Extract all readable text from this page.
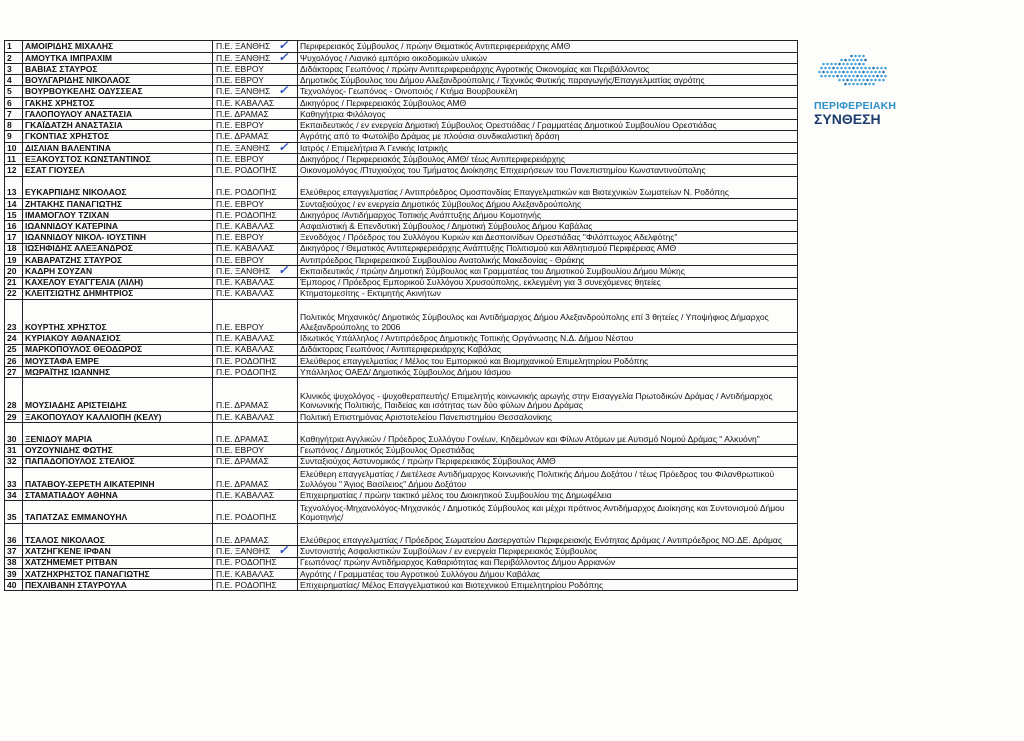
1	ΑΜΟΙΡΙΔΗΣ ΜΙΧΑΛΗΣ	Π.Ε. ΞΑΝΘΗΣ ✓	Περιφερειακός Σύμβουλος / πρώην Θεματικός Αντιπεριφερειάρχης ΑΜΘ
2	ΑΜΟΥΤΚΑ ΙΜΠΡΑΧΙΜ	Π.Ε. ΞΑΝΘΗΣ ✓	Ψυχολόγος / Λιανικό εμπόριο οικοδομικών υλικών
3	ΒΑΒΙΑΣ ΣΤΑΥΡΟΣ	Π.Ε. ΕΒΡΟΥ	Διδάκτορας Γεωπόνος / πρώην Αντιπεριφερειάρχης Αγροτικής Οικονομίας και Περιβάλλοντος
4	ΒΟΥΛΓΑΡΙΔΗΣ ΝΙΚΟΛΑΟΣ	Π.Ε. ΕΒΡΟΥ	Δημοτικός Σύμβουλος του Δήμου Αλεξανδρούπολης / Τεχνικός Φυτικής παραγωγής/Επαγγελματίας αγρότης
5	ΒΟΥΡΒΟΥΚΕΛΗΣ ΟΔΥΣΣΕΑΣ	Π.Ε. ΞΑΝΘΗΣ ✓	Τεχνολόγος- Γεωπόνος - Οινοποιός / Κτήμα Βουρβουκέλη
6	ΓΑΚΗΣ ΧΡΗΣΤΟΣ	Π.Ε. ΚΑΒΑΛΑΣ	Δικηγόρος / Περιφερειακός Σύμβουλος ΑΜΘ
7	ΓΑΛΟΠΟΥΛΟΥ ΑΝΑΣΤΑΣΙΑ	Π.Ε. ΔΡΑΜΑΣ	Καθηγήτρια Φιλόλογος
8	ΓΚΑΪΔΑΤΖΗ ΑΝΑΣΤΑΣΙΑ	Π.Ε. ΕΒΡΟΥ	Εκπαιδευτικός / εν ενεργεία Δημοτική Σύμβουλος Ορεστιάδας / Γραμματέας Δημοτικού Συμβουλίου Ορεστιάδας
9	ΓΚΟΝΤΙΑΣ ΧΡΗΣΤΟΣ	Π.Ε. ΔΡΑΜΑΣ	Αγρότης από το Φωτολίβο Δράμας με πλούσια συνδικαλιστική δράση
10	ΔΙΣΛΙΑΝ ΒΑΛΕΝΤΙΝΑ	Π.Ε. ΞΑΝΘΗΣ ✓	Ιατρός / Επιμελήτρια Ά Γενικής Ιατρικής
11	ΕΞΑΚΟΥΣΤΟΣ ΚΩΝΣΤΑΝΤΙΝΟΣ	Π.Ε. ΕΒΡΟΥ	Δικηγόρος / Περιφερειακός Σύμβουλος ΑΜΘ/ τέως Αντιπεριφερειάρχης
12	ΕΣΑΤ ΓΙΟΥΣΕΛ	Π.Ε. ΡΟΔΟΠΗΣ	Οικονομολόγος /Πτυχιούχος του Τμήματος Διοίκησης Επιχειρήσεων του Πανεπιστημίου Κωνσταντινούπολης
13	ΕΥΚΑΡΠΙΔΗΣ ΝΙΚΟΛΑΟΣ	Π.Ε. ΡΟΔΟΠΗΣ	Ελεύθερος επαγγελματίας / Αντιπρόεδρος Ομοσπονδίας Επαγγελματικών και Βιοτεχνικών Σωματείων Ν. Ροδόπης
14	ΖΗΤΑΚΗΣ ΠΑΝΑΓΙΩΤΗΣ	Π.Ε. ΕΒΡΟΥ	Συνταξιούχος / εν ενεργεία Δημοτικός Σύμβουλος Δήμου Αλεξανδρούπολης
15	ΙΜΑΜΟΓΛΟΥ ΤΖΙΧΑΝ	Π.Ε. ΡΟΔΟΠΗΣ	Δικηγόρος /Αντιδήμαρχος Τοπικής Ανάπτυξης Δήμου Κομοτηνής
16	ΙΩΑΝΝΙΔΟΥ ΚΑΤΕΡΙΝΑ	Π.Ε. ΚΑΒΑΛΑΣ	Ασφαλιστική & Επενδυτική Σύμβουλος / Δημοτική Σύμβουλος Δήμου Καβάλας
17	ΙΩΑΝΝΙΔΟΥ ΝΙΚΟΛ- ΙΟΥΣΤΙΝΗ	Π.Ε. ΕΒΡΟΥ	Ξενοδόχος / Πρόεδρος του Συλλόγου Κυριών και Δεσποινίδων Ορεστιάδας "Φιλόπτωχος Αδελφότης"
18	ΙΩΣΗΦΙΔΗΣ ΑΛΕΞΑΝΔΡΟΣ	Π.Ε. ΚΑΒΑΛΑΣ	Δικηγόρος / Θεματικός Αντιπεριφερειάρχης Ανάπτυξης Πολιτισμού και Αθλητισμού Περιφέρειας ΑΜΘ
19	ΚΑΒΑΡΑΤΖΗΣ ΣΤΑΥΡΟΣ	Π.Ε. ΕΒΡΟΥ	Αντιπρόεδρος Περιφερειακού Συμβουλίου Ανατολικής Μακεδονίας - Θράκης
20	ΚΑΔΡΗ ΣΟΥΖΑΝ	Π.Ε. ΞΑΝΘΗΣ ✓	Εκπαιδευτικός / πρώην Δημοτική Σύμβουλος και Γραμματέας του Δημοτικού Συμβουλίου Δήμου Μύκης
21	ΚΑΧΕΛΟΥ ΕΥΑΓΓΕΛΙΑ (ΛΙΛΗ)	Π.Ε. ΚΑΒΑΛΑΣ	Έμπορος / Πρόεδρος Εμπορικού Συλλόγου Χρυσούπολης, εκλεγμένη για 3 συνεχόμενες θητείες
22	ΚΛΕΙΤΣΙΩΤΗΣ ΔΗΜΗΤΡΙΟΣ	Π.Ε. ΚΑΒΑΛΑΣ	Κτηματομεσίτης - Εκτιμητής Ακινήτων
23	ΚΟΥΡΤΗΣ ΧΡΗΣΤΟΣ	Π.Ε. ΕΒΡΟΥ	Πολιτικός Μηχανικός/ Δημοτικός Σύμβουλος και Αντιδήμαρχος Δήμου Αλεξανδρούπολης επί 3 θητείες / Υποψήφιος Δήμαρχος Αλεξανδρούπολης το 2006
24	ΚΥΡΙΑΚΟΥ ΑΘΑΝΑΣΙΟΣ	Π.Ε. ΚΑΒΑΛΑΣ	Ιδιωτικός Υπάλληλος / Αντιπρόεδρος Δημοτικής Τοπικής Οργάνωσης Ν.Δ. Δήμου Νέστου
25	ΜΑΡΚΟΠΟΥΛΟΣ ΘΕΟΔΩΡΟΣ	Π.Ε. ΚΑΒΑΛΑΣ	Διδάκτορας Γεωπόνος / Αντιπεριφερειάρχης Καβάλας
26	ΜΟΥΣΤΑΦΑ ΕΜΡΕ	Π.Ε. ΡΟΔΟΠΗΣ	Ελεύθερος επαγγελματίας / Μέλος του Εμπορικού και Βιομηχανικού Επιμελητηρίου Ροδόπης
27	ΜΩΡΑΪΤΗΣ ΙΩΑΝΝΗΣ	Π.Ε. ΡΟΔΟΠΗΣ	Υπάλληλος ΟΑΕΔ/ Δημοτικός Σύμβουλος Δήμου Ιάσμου
28	ΜΟΥΣΙΑΔΗΣ ΑΡΙΣΤΕΙΔΗΣ	Π.Ε. ΔΡΑΜΑΣ	Κλινικός ψυχολόγος - ψυχοθεραπευτής/ Επιμελητής κοινωνικής αρωγής στην Εισαγγελία Πρωτοδικών Δράμας / Αντιδήμαρχος Κοινωνικής Πολιτικής, Παιδείας και ισότητας των δύο φύλων Δήμου Δράμας
29	ΞΑΚΟΠΟΥΛΟΥ ΚΑΛΛΙΟΠΗ (ΚΕΛΥ)	Π.Ε. ΚΑΒΑΛΑΣ	Πολιτική Επιστημόνας Αριστοτελείου Πανεπιστημίου Θεσσαλονίκης
30	ΞΕΝΙΔΟΥ ΜΑΡΙΑ	Π.Ε. ΔΡΑΜΑΣ	Καθηγήτρια Αγγλικών / Πρόεδρος Συλλόγου Γονέων, Κηδεμόνων και Φίλων Ατόμων με Αυτισμό Νομού Δράμας " Αλκυόνη"
31	ΟΥΖΟΥΝΙΔΗΣ ΦΩΤΗΣ	Π.Ε. ΕΒΡΟΥ	Γεωπόνος / Δημοτικός Σύμβουλος Ορεστιάδας
32	ΠΑΠΑΔΟΠΟΥΛΟΣ ΣΤΕΛΙΟΣ	Π.Ε. ΔΡΑΜΑΣ	Συνταξιούχος Αστυνομικός / πρώην Περιφερειακός Σύμβουλος ΑΜΘ
33	ΠΑΤΑΒΟΥ-ΣΕΡΕΤΗ ΑΙΚΑΤΕΡΙΝΗ	Π.Ε. ΔΡΑΜΑΣ	Ελεύθερη επαγγελματίας / Διετέλεσε Αντιδήμαρχος Κοινωνικής Πολιτικής Δήμου Δοξάτου / τέως Πρόεδρος του Φιλανθρωπικού Συλλόγου " Άγιος Βασίλειος" Δήμου Δοξάτου
34	ΣΤΑΜΑΤΙΑΔΟΥ ΑΘΗΝΑ	Π.Ε. ΚΑΒΑΛΑΣ	Επιχειρηματίας / πρώην τακτικό μέλος του Διοικητικού Συμβουλίου της Δημωφέλεια
35	ΤΑΠΑΤΖΑΣ ΕΜΜΑΝΟΥΗΛ	Π.Ε. ΡΟΔΟΠΗΣ	Τεχνολόγος-Μηχανολόγος-Μηχανικός / Δημοτικός Σύμβουλος και μέχρι πρότινος Αντιδήμαρχος Διοίκησης και Συντονισμού Δήμου Κομοτηνής/
36	ΤΣΑΛΟΣ ΝΙΚΟΛΑΟΣ	Π.Ε. ΔΡΑΜΑΣ	Ελεύθερος επαγγελματίας / Πρόεδρος Σωματείου Δασεργατών Περιφερειακής Ενότητας Δράμας / Αντιπρόεδρος ΝΟ.ΔΕ. Δράμας
37	ΧΑΤΖΗΓΚΕΝΕ ΙΡΦΑΝ	Π.Ε. ΞΑΝΘΗΣ ✓	Συντονιστής Ασφαλιστικών Συμβούλων / εν ενεργεία Περιφερειακός Σύμβουλος
38	ΧΑΤΖΗΜΕΜΕΤ ΡΙΤΒΑΝ	Π.Ε. ΡΟΔΟΠΗΣ	Γεωπόνος/ πρώην Αντιδήμαρχος Καθαριότητας και Περιβάλλοντος Δήμου Αρριανών
39	ΧΑΤΖΗΧΡΗΣΤΟΣ ΠΑΝΑΓΙΩΤΗΣ	Π.Ε. ΚΑΒΑΛΑΣ	Αγρότης / Γραμματέας του Αγροτικού Συλλόγου Δήμου Καβάλας
40	ΠΕΧΛΙΒΑΝΗ ΣΤΑΥΡΟΥΛΑ	Π.Ε. ΡΟΔΟΠΗΣ	Επιχειρηματίας/ Μέλος Επαγγελματικού και Βιοτεχνικού Επιμελητηρίου Ροδόπης
ΠΕΡΙΦΕΡΕΙΑΚΗ
ΣΥΝΘΕΣΗ
